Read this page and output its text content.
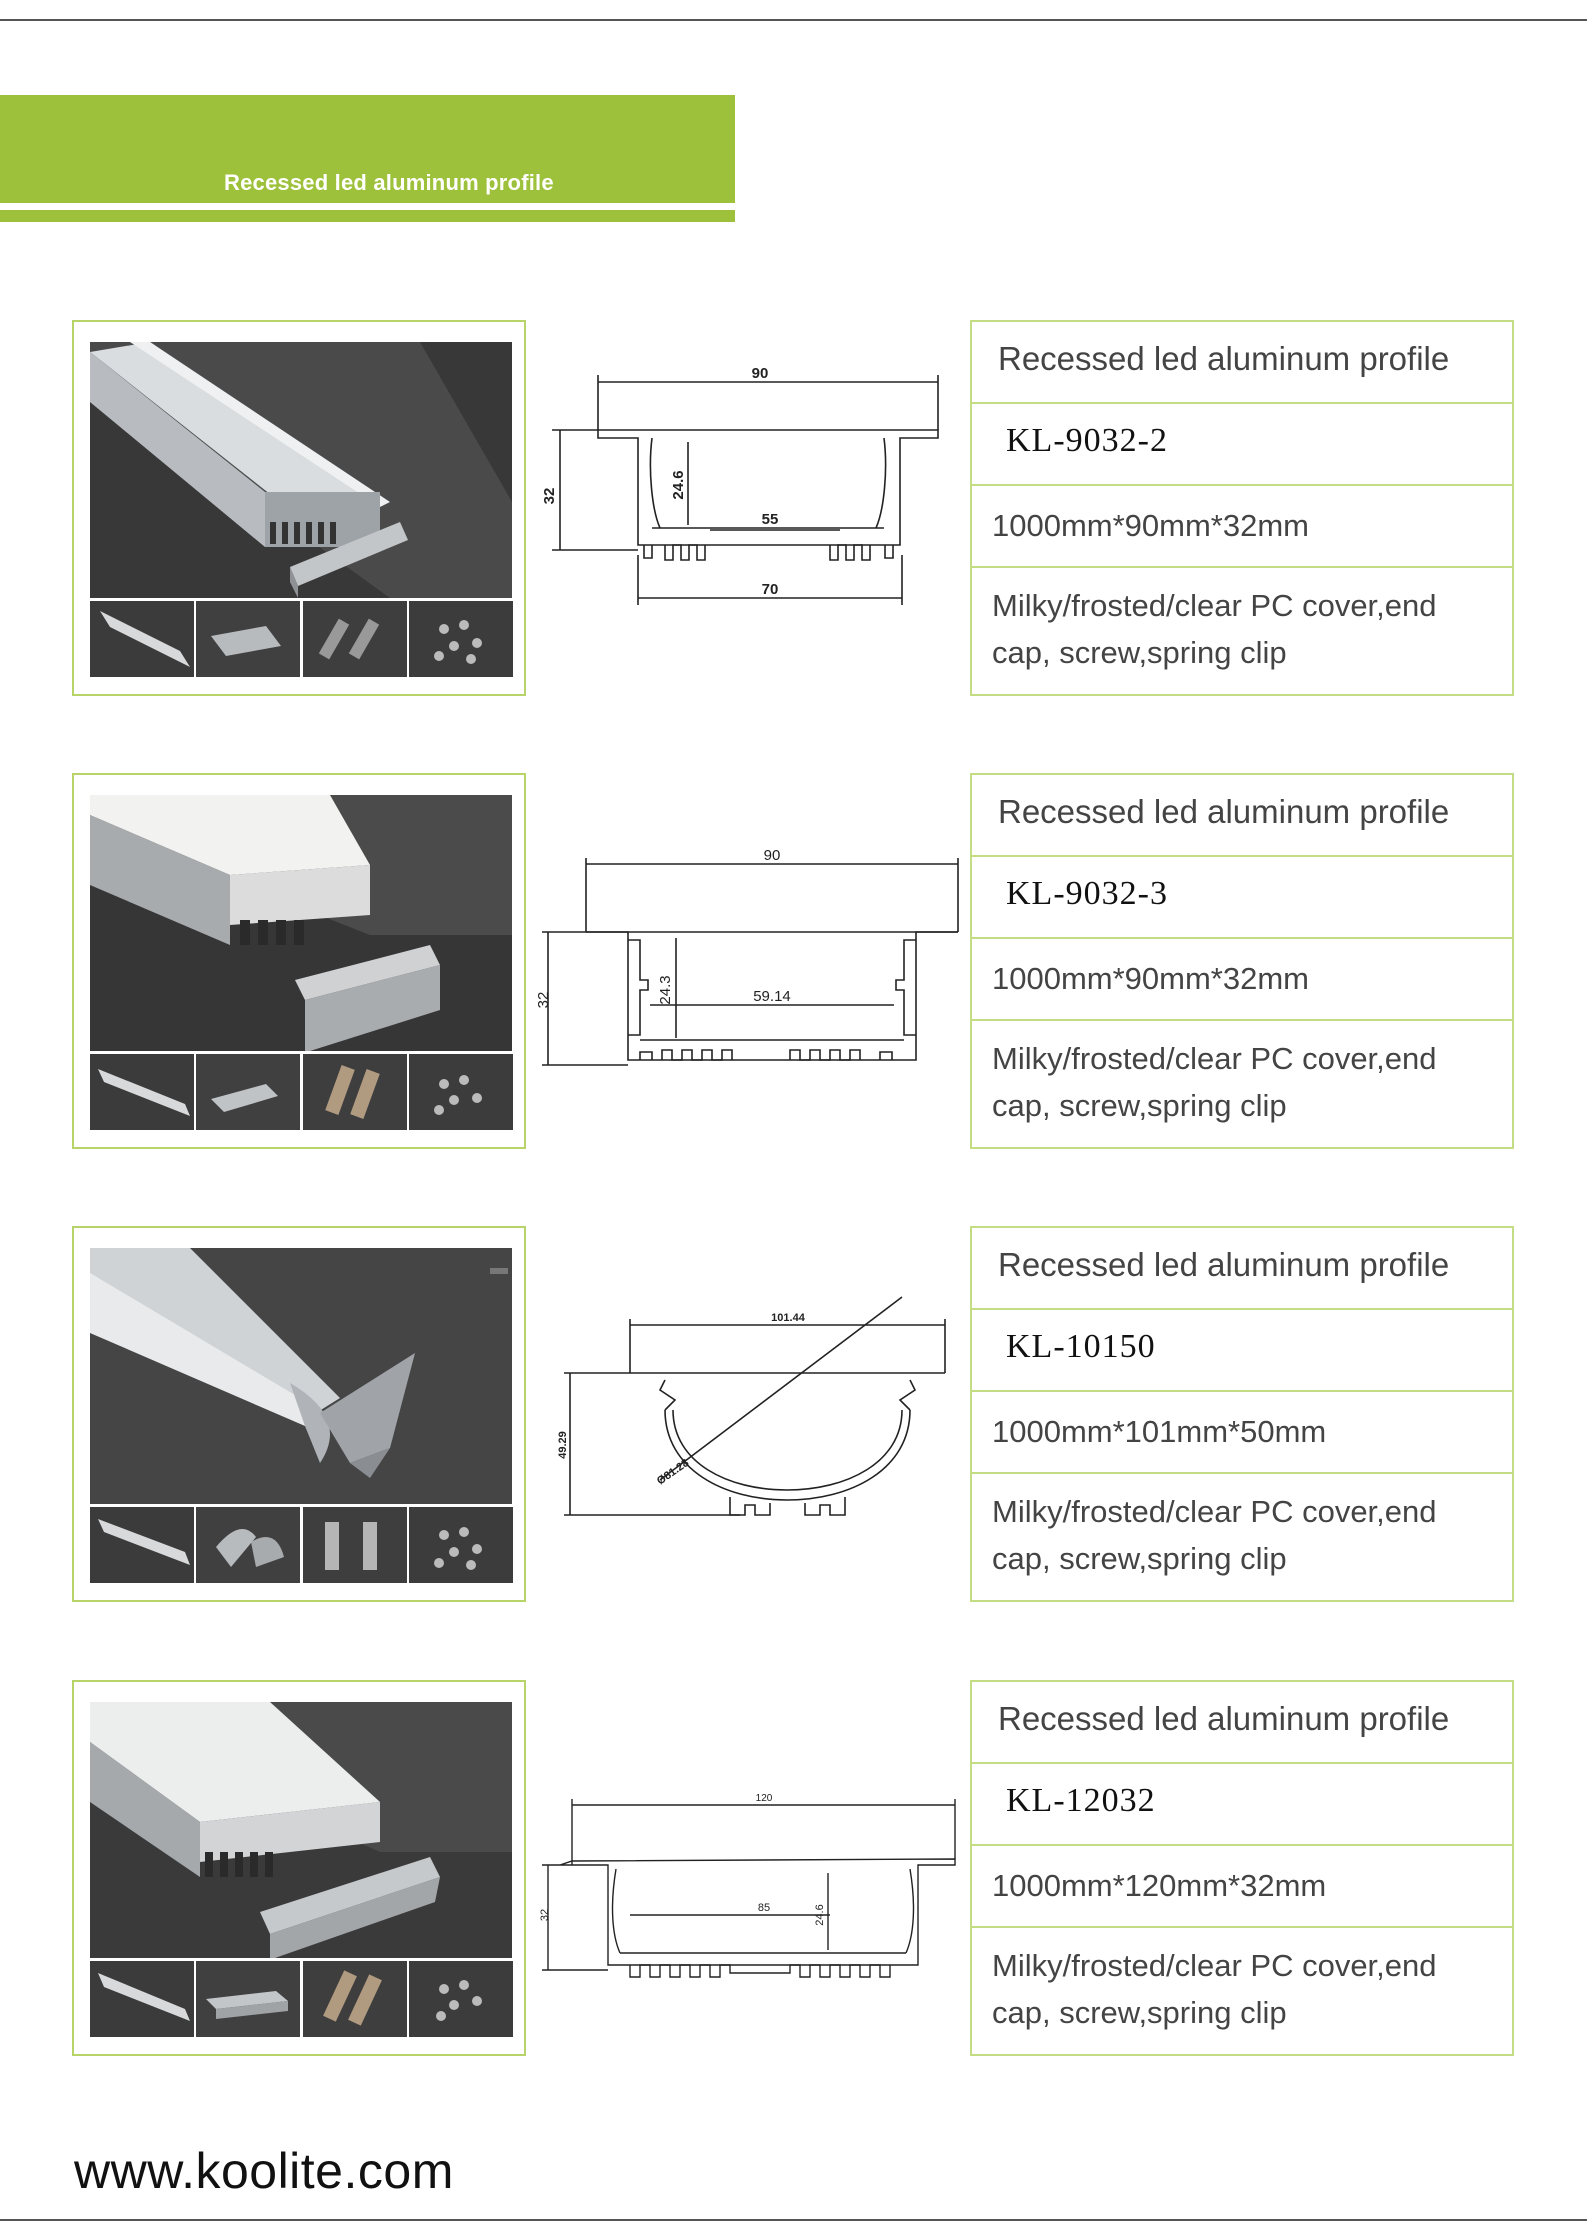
Recessed led aluminum profile
90
32	24.6
55
70
Recessed led aluminum profile
KL-9032-2
1000mm*90mm*32mm
Milky/frosted/clear PC cover,end cap, screw,spring clip
90
32	24.3	59.14
Recessed led aluminum profile
KL-9032-3
1000mm*90mm*32mm
Milky/frosted/clear PC cover,end cap, screw,spring clip
101.44
49.29
Ø81.28
Recessed led aluminum profile
KL-10150
1000mm*101mm*50mm
Milky/frosted/clear PC cover,end cap, screw,spring clip
120
32
85	24.6
Recessed led aluminum profile
KL-12032
1000mm*120mm*32mm
Milky/frosted/clear PC cover,end cap, screw,spring clip
www.koolite.com
